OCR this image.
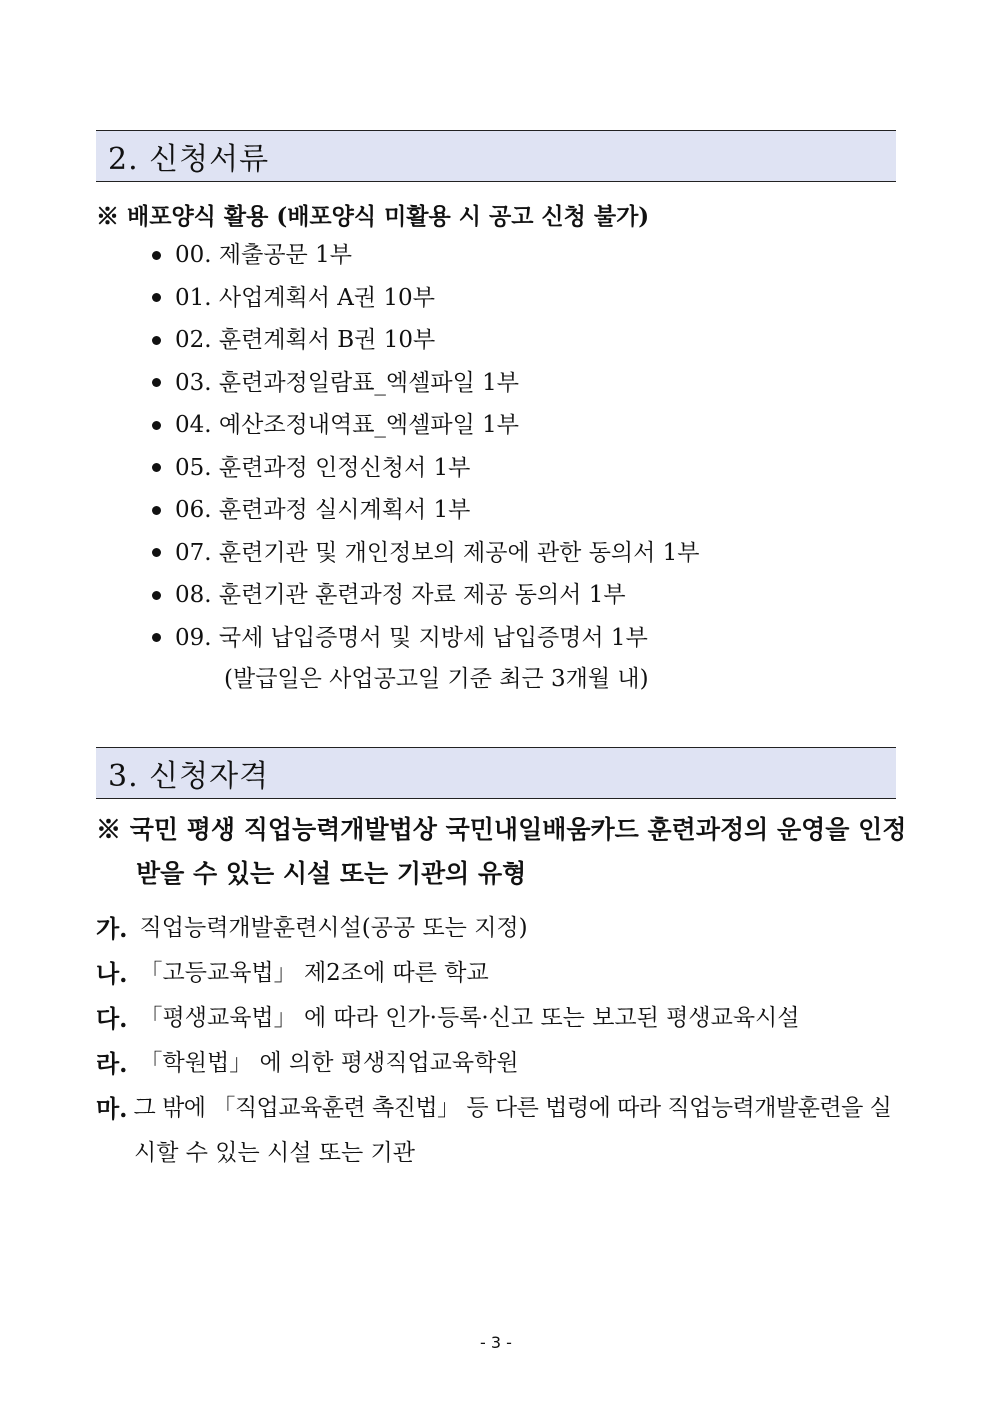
2. 신청서류
※ 배포양식 활용 (배포양식 미활용 시 공고 신청 불가)
00. 제출공문 1부
01. 사업계획서 A권 10부
02. 훈련계획서 B권 10부
03. 훈련과정일람표_엑셀파일 1부
04. 예산조정내역표_엑셀파일 1부
05. 훈련과정 인정신청서 1부
06. 훈련과정 실시계획서 1부
07. 훈련기관 및 개인정보의 제공에 관한 동의서 1부
08. 훈련기관 훈련과정 자료 제공 동의서 1부
09. 국세 납입증명서 및 지방세 납입증명서 1부
(발급일은 사업공고일 기준 최근 3개월 내)
3. 신청자격
※ 국민 평생 직업능력개발법상 국민내일배움카드 훈련과정의 운영을 인정
받을 수 있는 시설 또는 기관의 유형
가. 직업능력개발훈련시설(공공 또는 지정)
나. 「고등교육법」 제2조에 따른 학교
다. 「평생교육법」 에 따라 인가·등록·신고 또는 보고된 평생교육시설
라. 「학원법」 에 의한 평생직업교육학원
마. 그 밖에 「직업교육훈련 촉진법」 등 다른 법령에 따라 직업능력개발훈련을 실
시할 수 있는 시설 또는 기관
- 3 -
